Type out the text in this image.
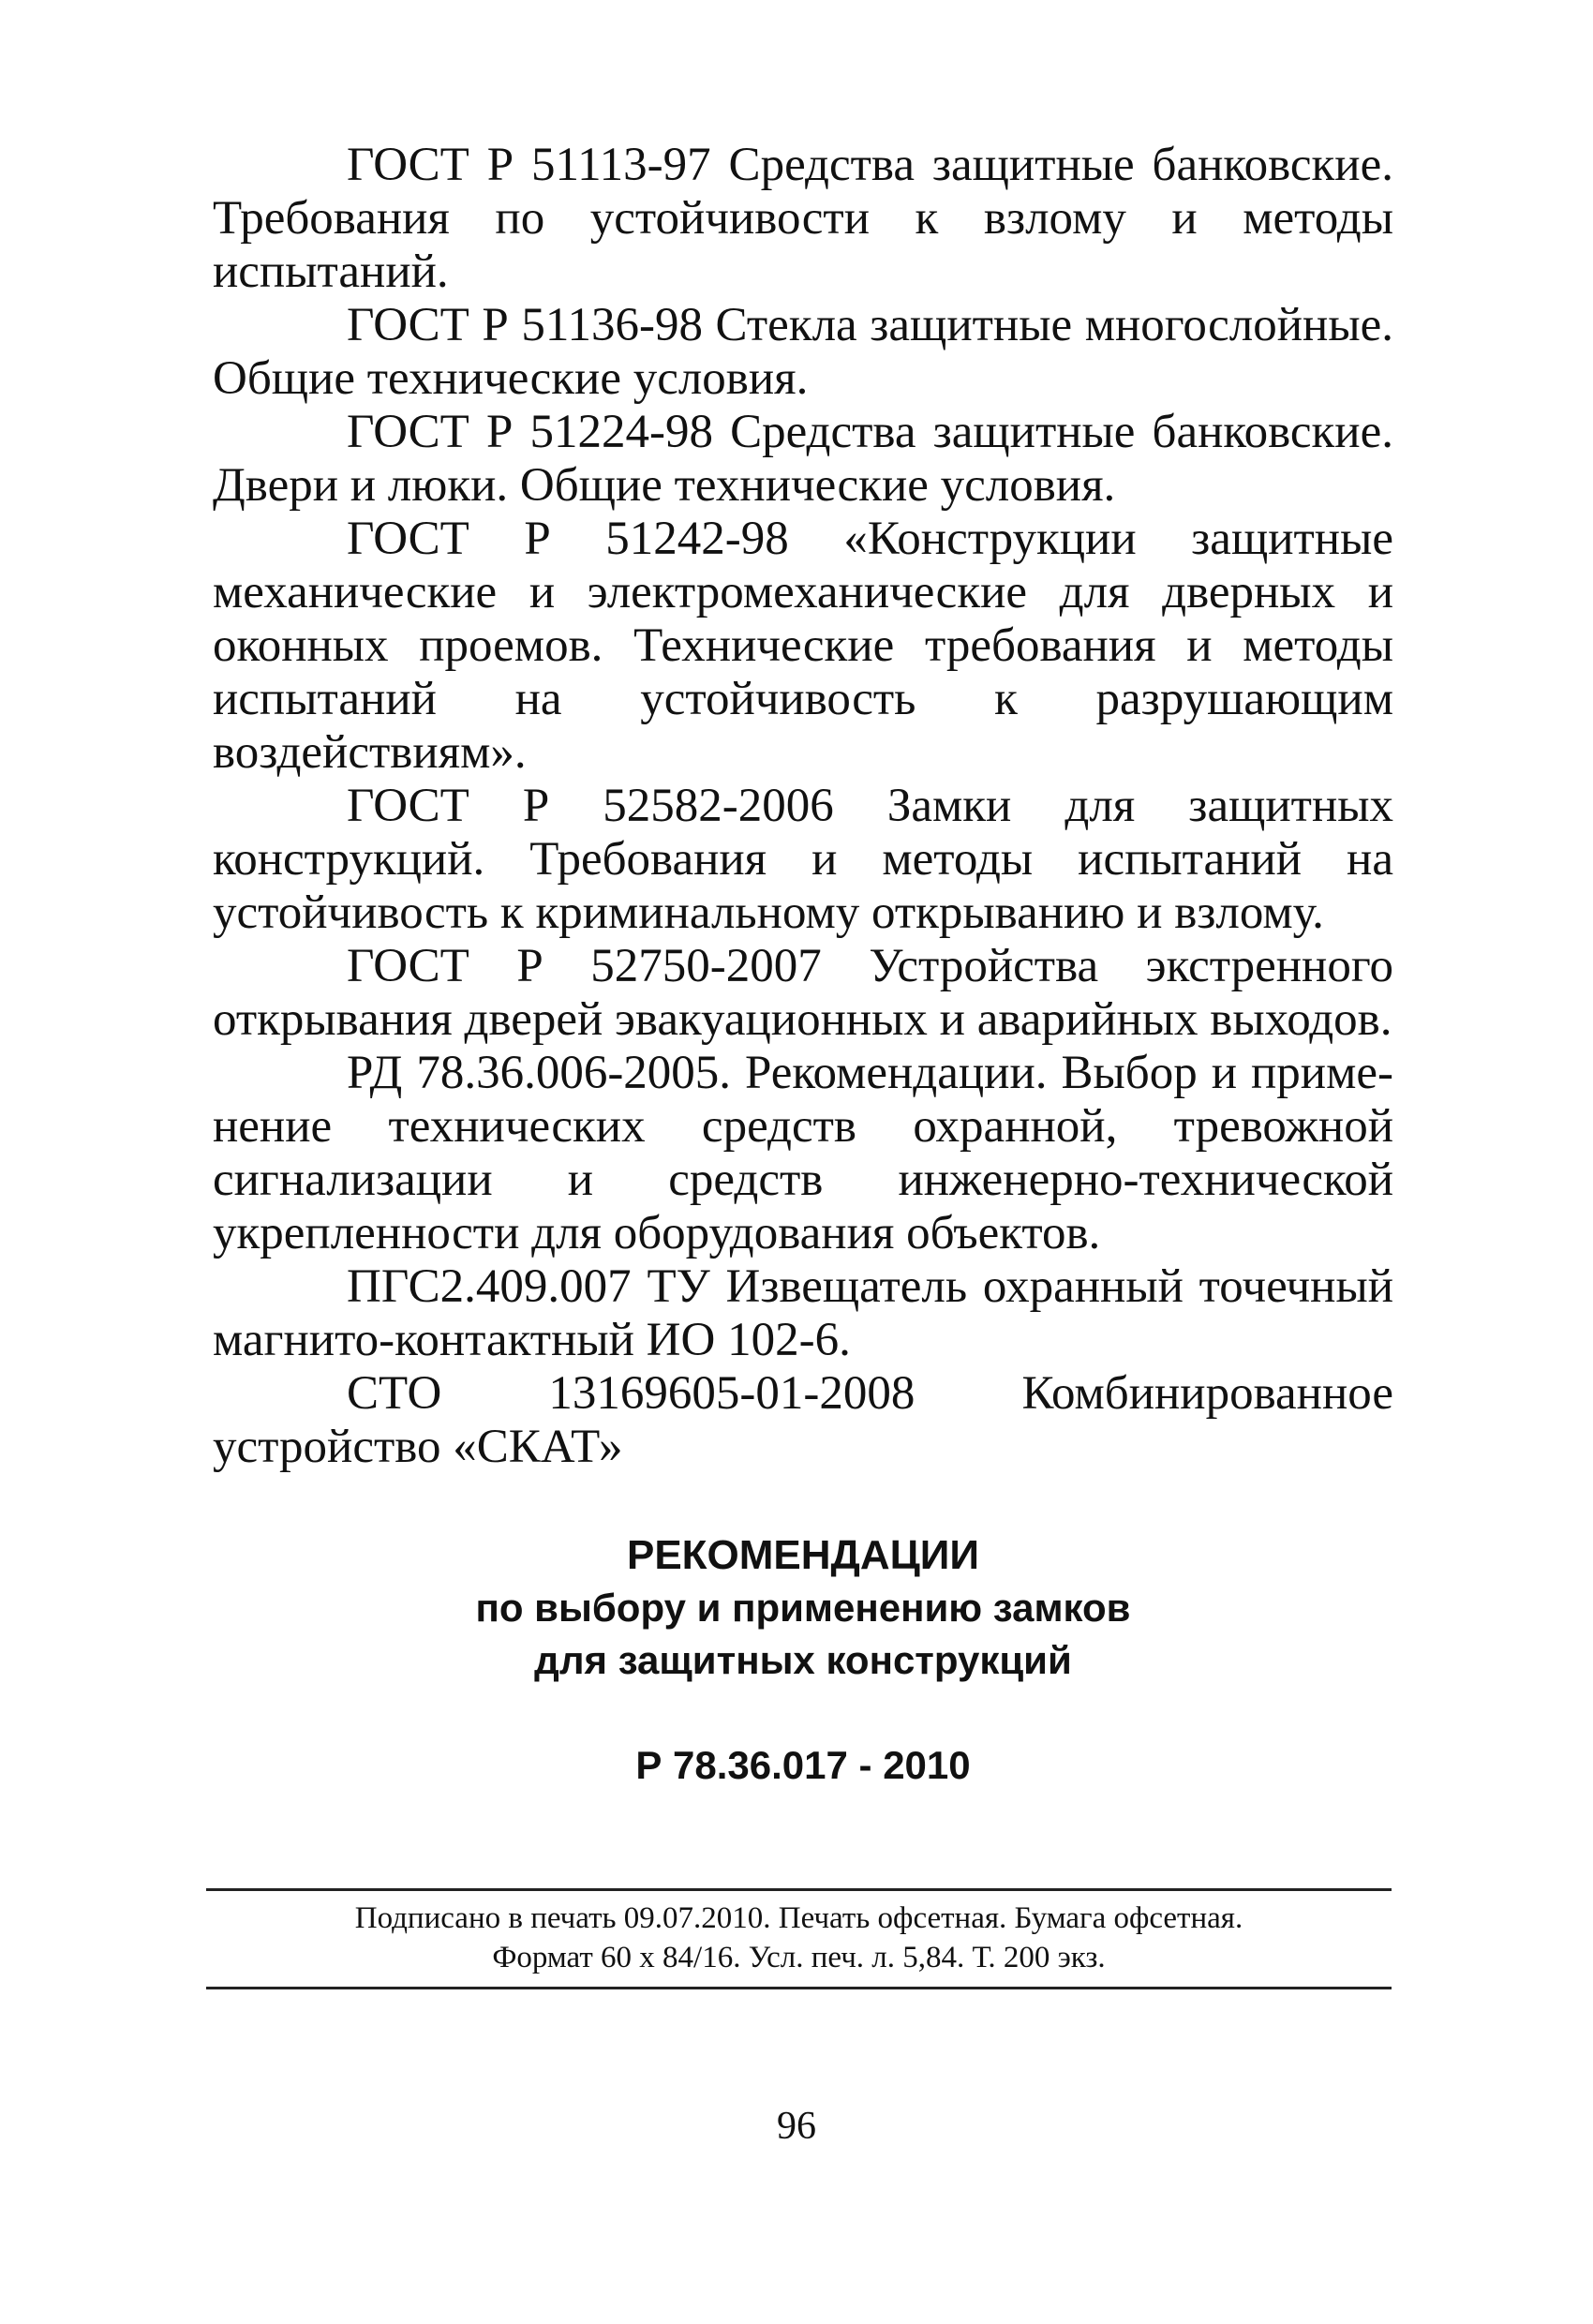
ГОСТ Р 51113-97 Средства защитные банковские. Требования по устойчивости к взлому и методы испытаний.

ГОСТ Р 51136-98 Стекла защитные многослойные. Общие технические условия.

ГОСТ Р 51224-98 Средства защитные банковские. Двери и люки. Общие технические условия.

ГОСТ Р 51242-98 «Конструкции защитные механические и электромеханические для дверных и оконных проемов. Технические требования и методы испытаний на устойчивость к разрушающим воздействиям».

ГОСТ Р 52582-2006 Замки для защитных конструкций. Требования и методы испытаний на устойчивость к криминальному открыванию и взлому.

ГОСТ Р 52750-2007 Устройства экстренного открывания дверей эвакуационных и аварийных выходов.

РД 78.36.006-2005. Рекомендации. Выбор и применение технических средств охранной, тревожной сигнализации и средств инженерно-технической укрепленности для оборудования объектов.

ПГС2.409.007 ТУ Извещатель охранный точечный магнито-контактный ИО 102-6.

СТО 13169605-01-2008 Комбинированное устройство «СКАТ»

РЕКОМЕНДАЦИИ
по выбору и применению замков
для защитных конструкций
Р 78.36.017 - 2010
Подписано в печать 09.07.2010. Печать офсетная. Бумага офсетная.
Формат 60 х 84/16. Усл. печ. л. 5,84. Т. 200 экз.
96
